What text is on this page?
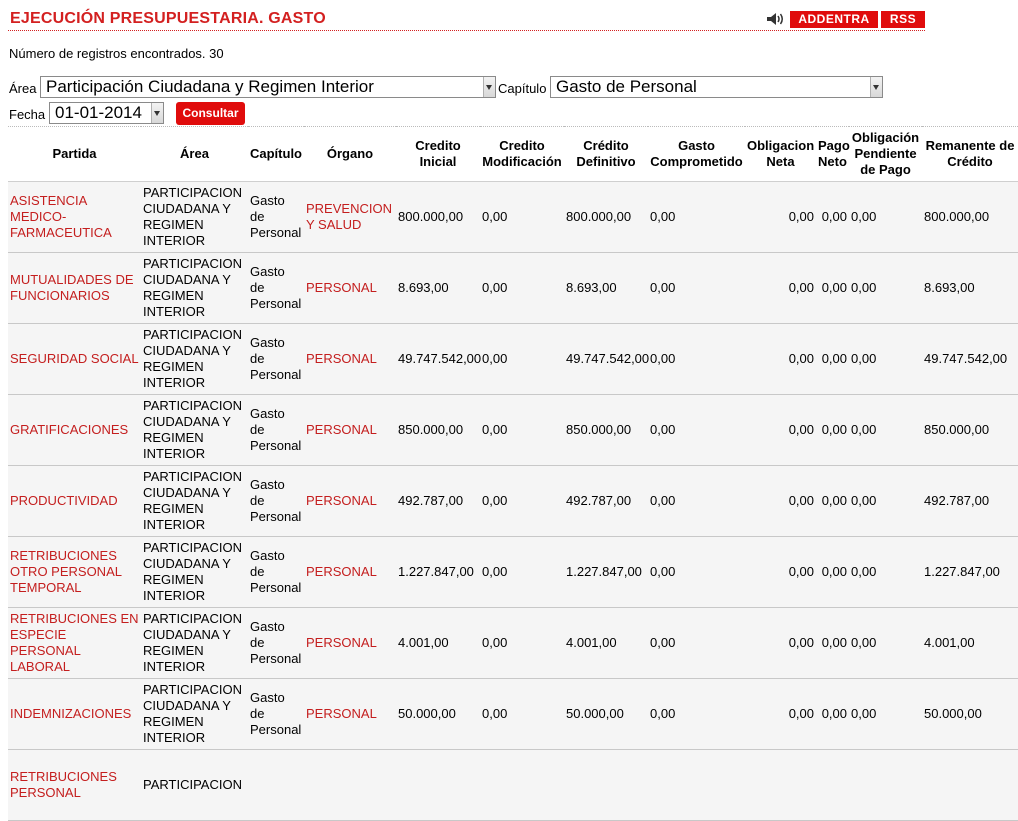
EJECUCIÓN PRESUPUESTARIA. GASTO	ADDENTRA	RSS
Número de registros encontrados. 30
Área Participación Ciudadana y Regimen Interior	Capítulo Gasto de Personal
Fecha 01-01-2014	Consultar
Partida	Área	Capítulo	Órgano	Credito Inicial	Credito Modificación	Crédito Definitivo	Gasto Comprometido	Obligacion Neta	Pago Neto	Obligación Pendiente de Pago	Remanente de Crédito
ASISTENCIA MEDICO-FARMACEUTICA	PARTICIPACION CIUDADANA Y REGIMEN INTERIOR	Gasto de Personal	PREVENCION Y SALUD	800.000,00	0,00	800.000,00	0,00	0,00	0,00	0,00	800.000,00
MUTUALIDADES DE FUNCIONARIOS	PARTICIPACION CIUDADANA Y REGIMEN INTERIOR	Gasto de Personal	PERSONAL	8.693,00	0,00	8.693,00	0,00	0,00	0,00	0,00	8.693,00
SEGURIDAD SOCIAL	PARTICIPACION CIUDADANA Y REGIMEN INTERIOR	Gasto de Personal	PERSONAL	49.747.542,00	0,00	49.747.542,00	0,00	0,00	0,00	0,00	49.747.542,00
GRATIFICACIONES	PARTICIPACION CIUDADANA Y REGIMEN INTERIOR	Gasto de Personal	PERSONAL	850.000,00	0,00	850.000,00	0,00	0,00	0,00	0,00	850.000,00
PRODUCTIVIDAD	PARTICIPACION CIUDADANA Y REGIMEN INTERIOR	Gasto de Personal	PERSONAL	492.787,00	0,00	492.787,00	0,00	0,00	0,00	0,00	492.787,00
RETRIBUCIONES OTRO PERSONAL TEMPORAL	PARTICIPACION CIUDADANA Y REGIMEN INTERIOR	Gasto de Personal	PERSONAL	1.227.847,00	0,00	1.227.847,00	0,00	0,00	0,00	0,00	1.227.847,00
RETRIBUCIONES EN ESPECIE PERSONAL LABORAL	PARTICIPACION CIUDADANA Y REGIMEN INTERIOR	Gasto de Personal	PERSONAL	4.001,00	0,00	4.001,00	0,00	0,00	0,00	0,00	4.001,00
INDEMNIZACIONES	PARTICIPACION CIUDADANA Y REGIMEN INTERIOR	Gasto de Personal	PERSONAL	50.000,00	0,00	50.000,00	0,00	0,00	0,00	0,00	50.000,00
RETRIBUCIONES PERSONAL	PARTICIPACION										
